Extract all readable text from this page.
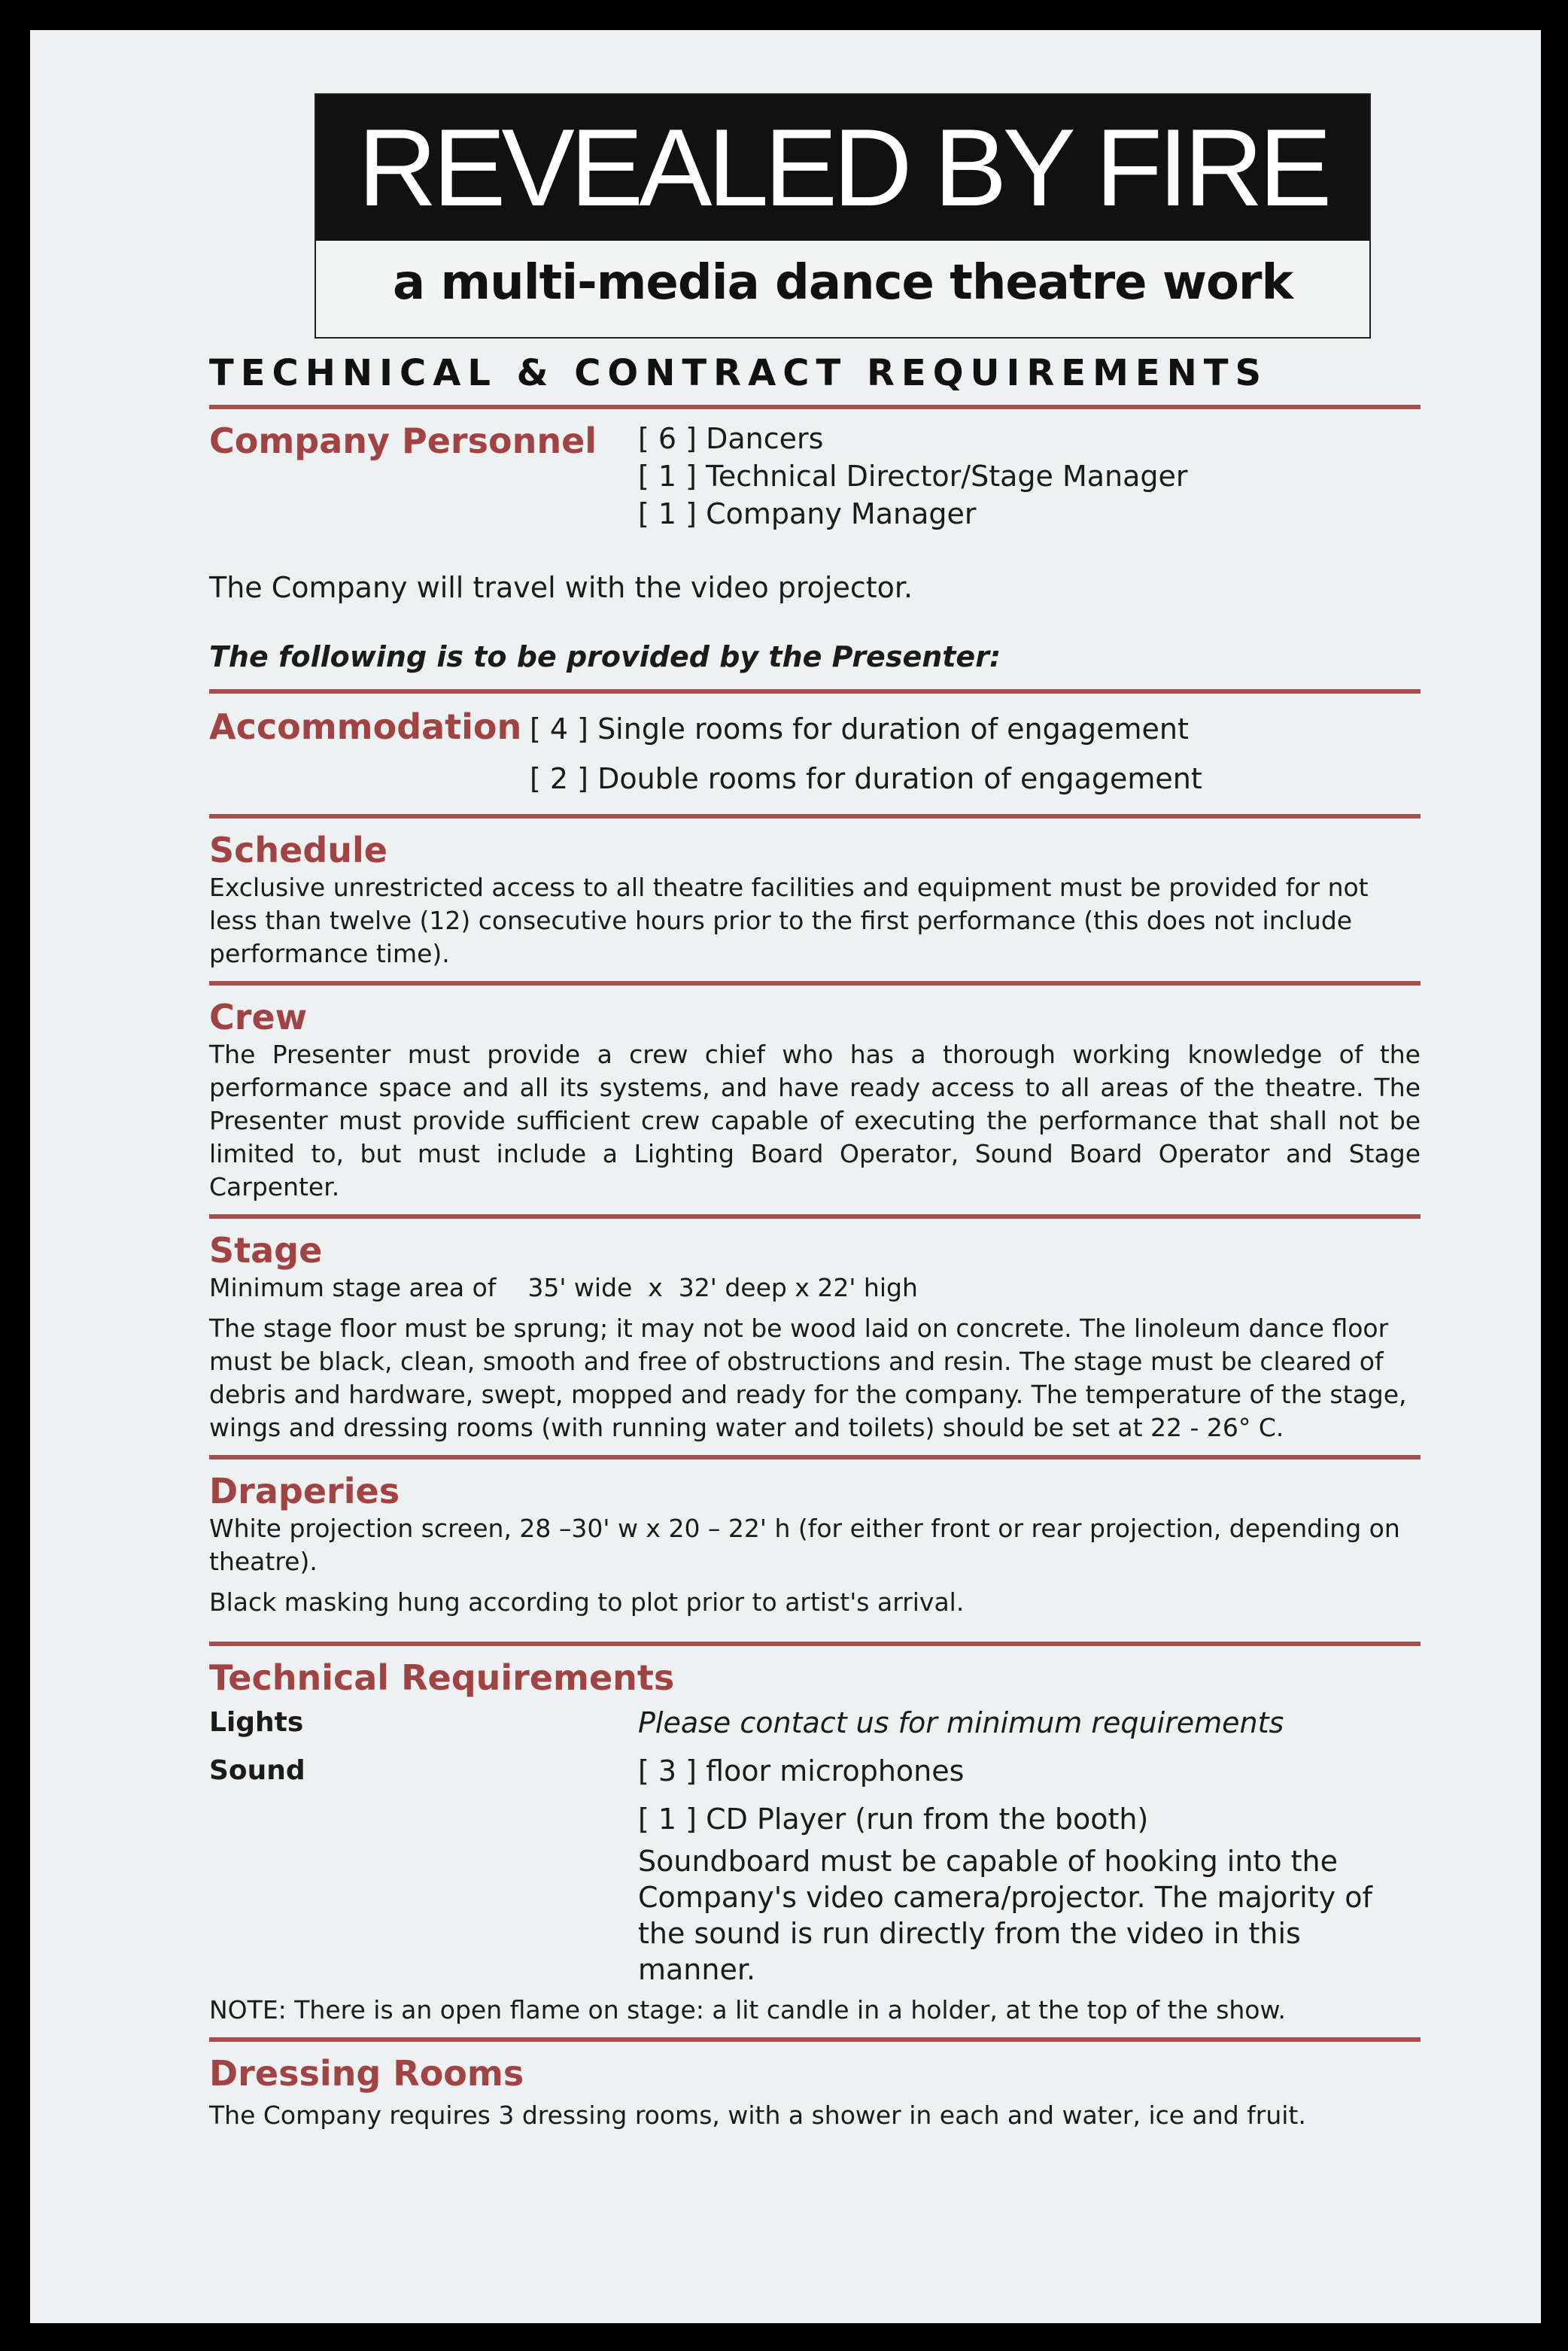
REVEALED BY FIRE
a multi-media dance theatre work
TECHNICAL & CONTRACT REQUIREMENTS
Company Personnel	[ 6 ] Dancers
[ 1 ] Technical Director/Stage Manager
[ 1 ] Company Manager

The Company will travel with the video projector.

The following is to be provided by the Presenter:
Accommodation [ 4 ] Single rooms for duration of engagement
[ 2 ] Double rooms for duration of engagement
Schedule

Exclusive unrestricted access to all theatre facilities and equipment must be provided for not less than twelve (12) consecutive hours prior to the first performance (this does not include performance time).

Crew

The Presenter must provide a crew chief who has a thorough working knowledge of the performance space and all its systems, and have ready access to all areas of the theatre. The Presenter must provide sufficient crew capable of executing the performance that shall not be limited to, but must include a Lighting Board Operator, Sound Board Operator and Stage Carpenter.

Stage

Minimum stage area of    35' wide  x  32' deep x 22' high

The stage floor must be sprung; it may not be wood laid on concrete. The linoleum dance floor must be black, clean, smooth and free of obstructions and resin. The stage must be cleared of debris and hardware, swept, mopped and ready for the company. The temperature of the stage, wings and dressing rooms (with running water and toilets) should be set at 22 - 26° C.

Draperies

White projection screen, 28 –30' w x 20 – 22' h (for either front or rear projection, depending on theatre).

Black masking hung according to plot prior to artist's arrival.

Technical Requirements
Lights	Please contact us for minimum requirements
Sound	[ 3 ] floor microphones
[ 1 ] CD Player (run from the booth)
Soundboard must be capable of hooking into the Company's video camera/projector. The majority of the sound is run directly from the video in this manner.

NOTE: There is an open flame on stage: a lit candle in a holder, at the top of the show.

Dressing Rooms

The Company requires 3 dressing rooms, with a shower in each and water, ice and fruit.
